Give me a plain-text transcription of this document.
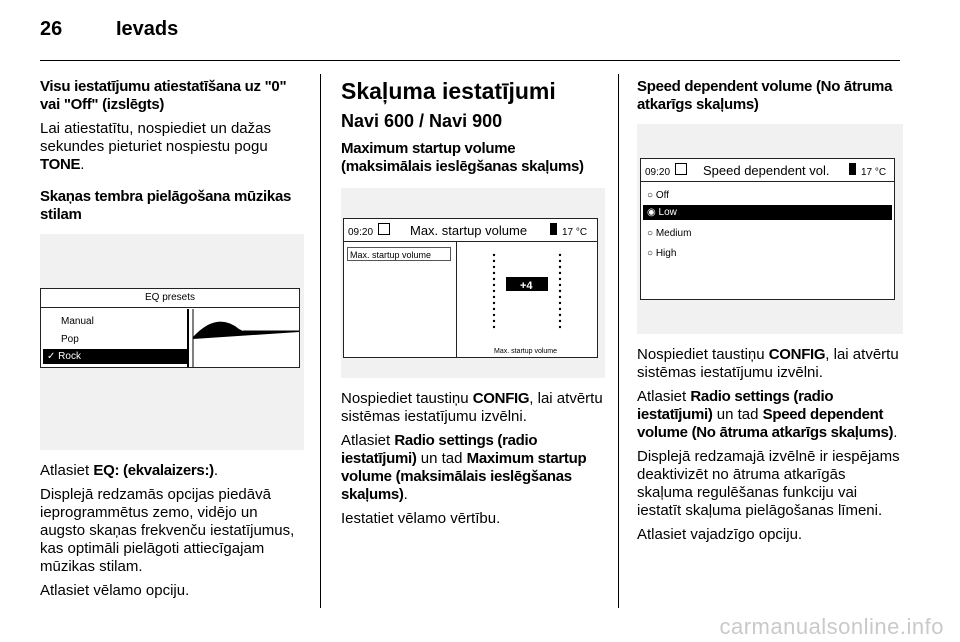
26	Ievads

Visu iestatījumu atiestatīšana uz "0" vai "Off" (izslēgts)

Lai atiestatītu, nospiediet un dažas sekundes pieturiet nospiestu pogu TONE.

Skaņas tembra pielāgošana mūzikas stilam

EQ presets
Manual
Pop
✓ Rock

Atlasiet EQ: (ekvalaizers:).

Displejā redzamās opcijas piedāvā ieprogrammētus zemo, vidējo un augsto skaņas frekvenču iestatījumus, kas optimāli pielāgoti attiecīgajam mūzikas stilam.

Atlasiet vēlamo opciju.

Skaļuma iestatījumi
Navi 600 / Navi 900

Maximum startup volume (maksimālais ieslēgšanas skaļums)

09:20	Max. startup volume	17 °C
Max. startup volume
+4
Max. startup volume

Nospiediet taustiņu CONFIG, lai atvērtu sistēmas iestatījumu izvēlni.

Atlasiet Radio settings (radio iestatījumi) un tad Maximum startup volume (maksimālais ieslēgšanas skaļums).

Iestatiet vēlamo vērtību.

Speed dependent volume (No ātruma atkarīgs skaļums)

09:20	Speed dependent vol.	17 °C
○ Off
◉ Low
○ Medium
○ High

Nospiediet taustiņu CONFIG, lai atvērtu sistēmas iestatījumu izvēlni.

Atlasiet Radio settings (radio iestatījumi) un tad Speed dependent volume (No ātruma atkarīgs skaļums).

Displejā redzamajā izvēlnē ir iespējams deaktivizēt no ātruma atkarīgās skaļuma regulēšanas funkciju vai iestatīt skaļuma pielāgošanas līmeni.

Atlasiet vajadzīgo opciju.

carmanualsonline.info
